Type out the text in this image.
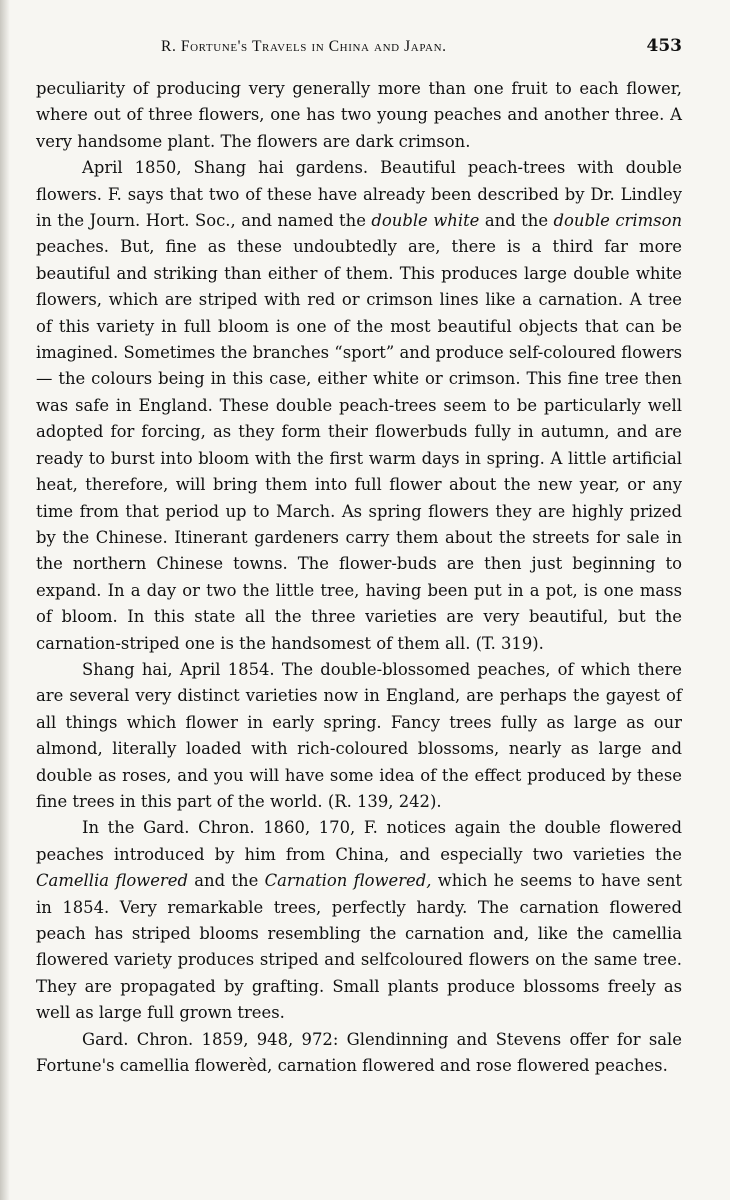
R. Fortune's Travels in China and Japan.	453

peculiarity of producing very generally more than one fruit to each flower, where out of three flowers, one has two young peaches and another three. A very handsome plant. The flowers are dark crimson.

April 1850, Shang hai gardens. Beautiful peach-trees with double flowers. F. says that two of these have already been described by Dr. Lindley in the Journ. Hort. Soc., and named the double white and the double crimson peaches. But, fine as these undoubtedly are, there is a third far more beautiful and striking than either of them. This produces large double white flowers, which are striped with red or crimson lines like a carnation. A tree of this variety in full bloom is one of the most beautiful objects that can be imagined. Sometimes the branches “sport” and produce self-coloured flowers — the colours being in this case, either white or crimson. This fine tree then was safe in England. These double peach-trees seem to be particularly well adopted for forcing, as they form their flowerbuds fully in autumn, and are ready to burst into bloom with the first warm days in spring. A little artificial heat, therefore, will bring them into full flower about the new year, or any time from that period up to March. As spring flowers they are highly prized by the Chinese. Itinerant gardeners carry them about the streets for sale in the northern Chinese towns. The flower-buds are then just beginning to expand. In a day or two the little tree, having been put in a pot, is one mass of bloom. In this state all the three varieties are very beautiful, but the carnation-striped one is the handsomest of them all. (T. 319).

Shang hai, April 1854. The double-blossomed peaches, of which there are several very distinct varieties now in England, are perhaps the gayest of all things which flower in early spring. Fancy trees fully as large as our almond, literally loaded with rich-coloured blossoms, nearly as large and double as roses, and you will have some idea of the effect produced by these fine trees in this part of the world. (R. 139, 242).

In the Gard. Chron. 1860, 170, F. notices again the double flowered peaches introduced by him from China, and especially two varieties the Camellia flowered and the Carnation flowered, which he seems to have sent in 1854. Very remarkable trees, perfectly hardy. The carnation flowered peach has striped blooms resembling the carnation and, like the camellia flowered variety produces striped and selfcoloured flowers on the same tree. They are propagated by grafting. Small plants produce blossoms freely as well as large full grown trees.

Gard. Chron. 1859, 948, 972: Glendinning and Stevens offer for sale Fortune's camellia flowerèd, carnation flowered and rose flowered peaches.
